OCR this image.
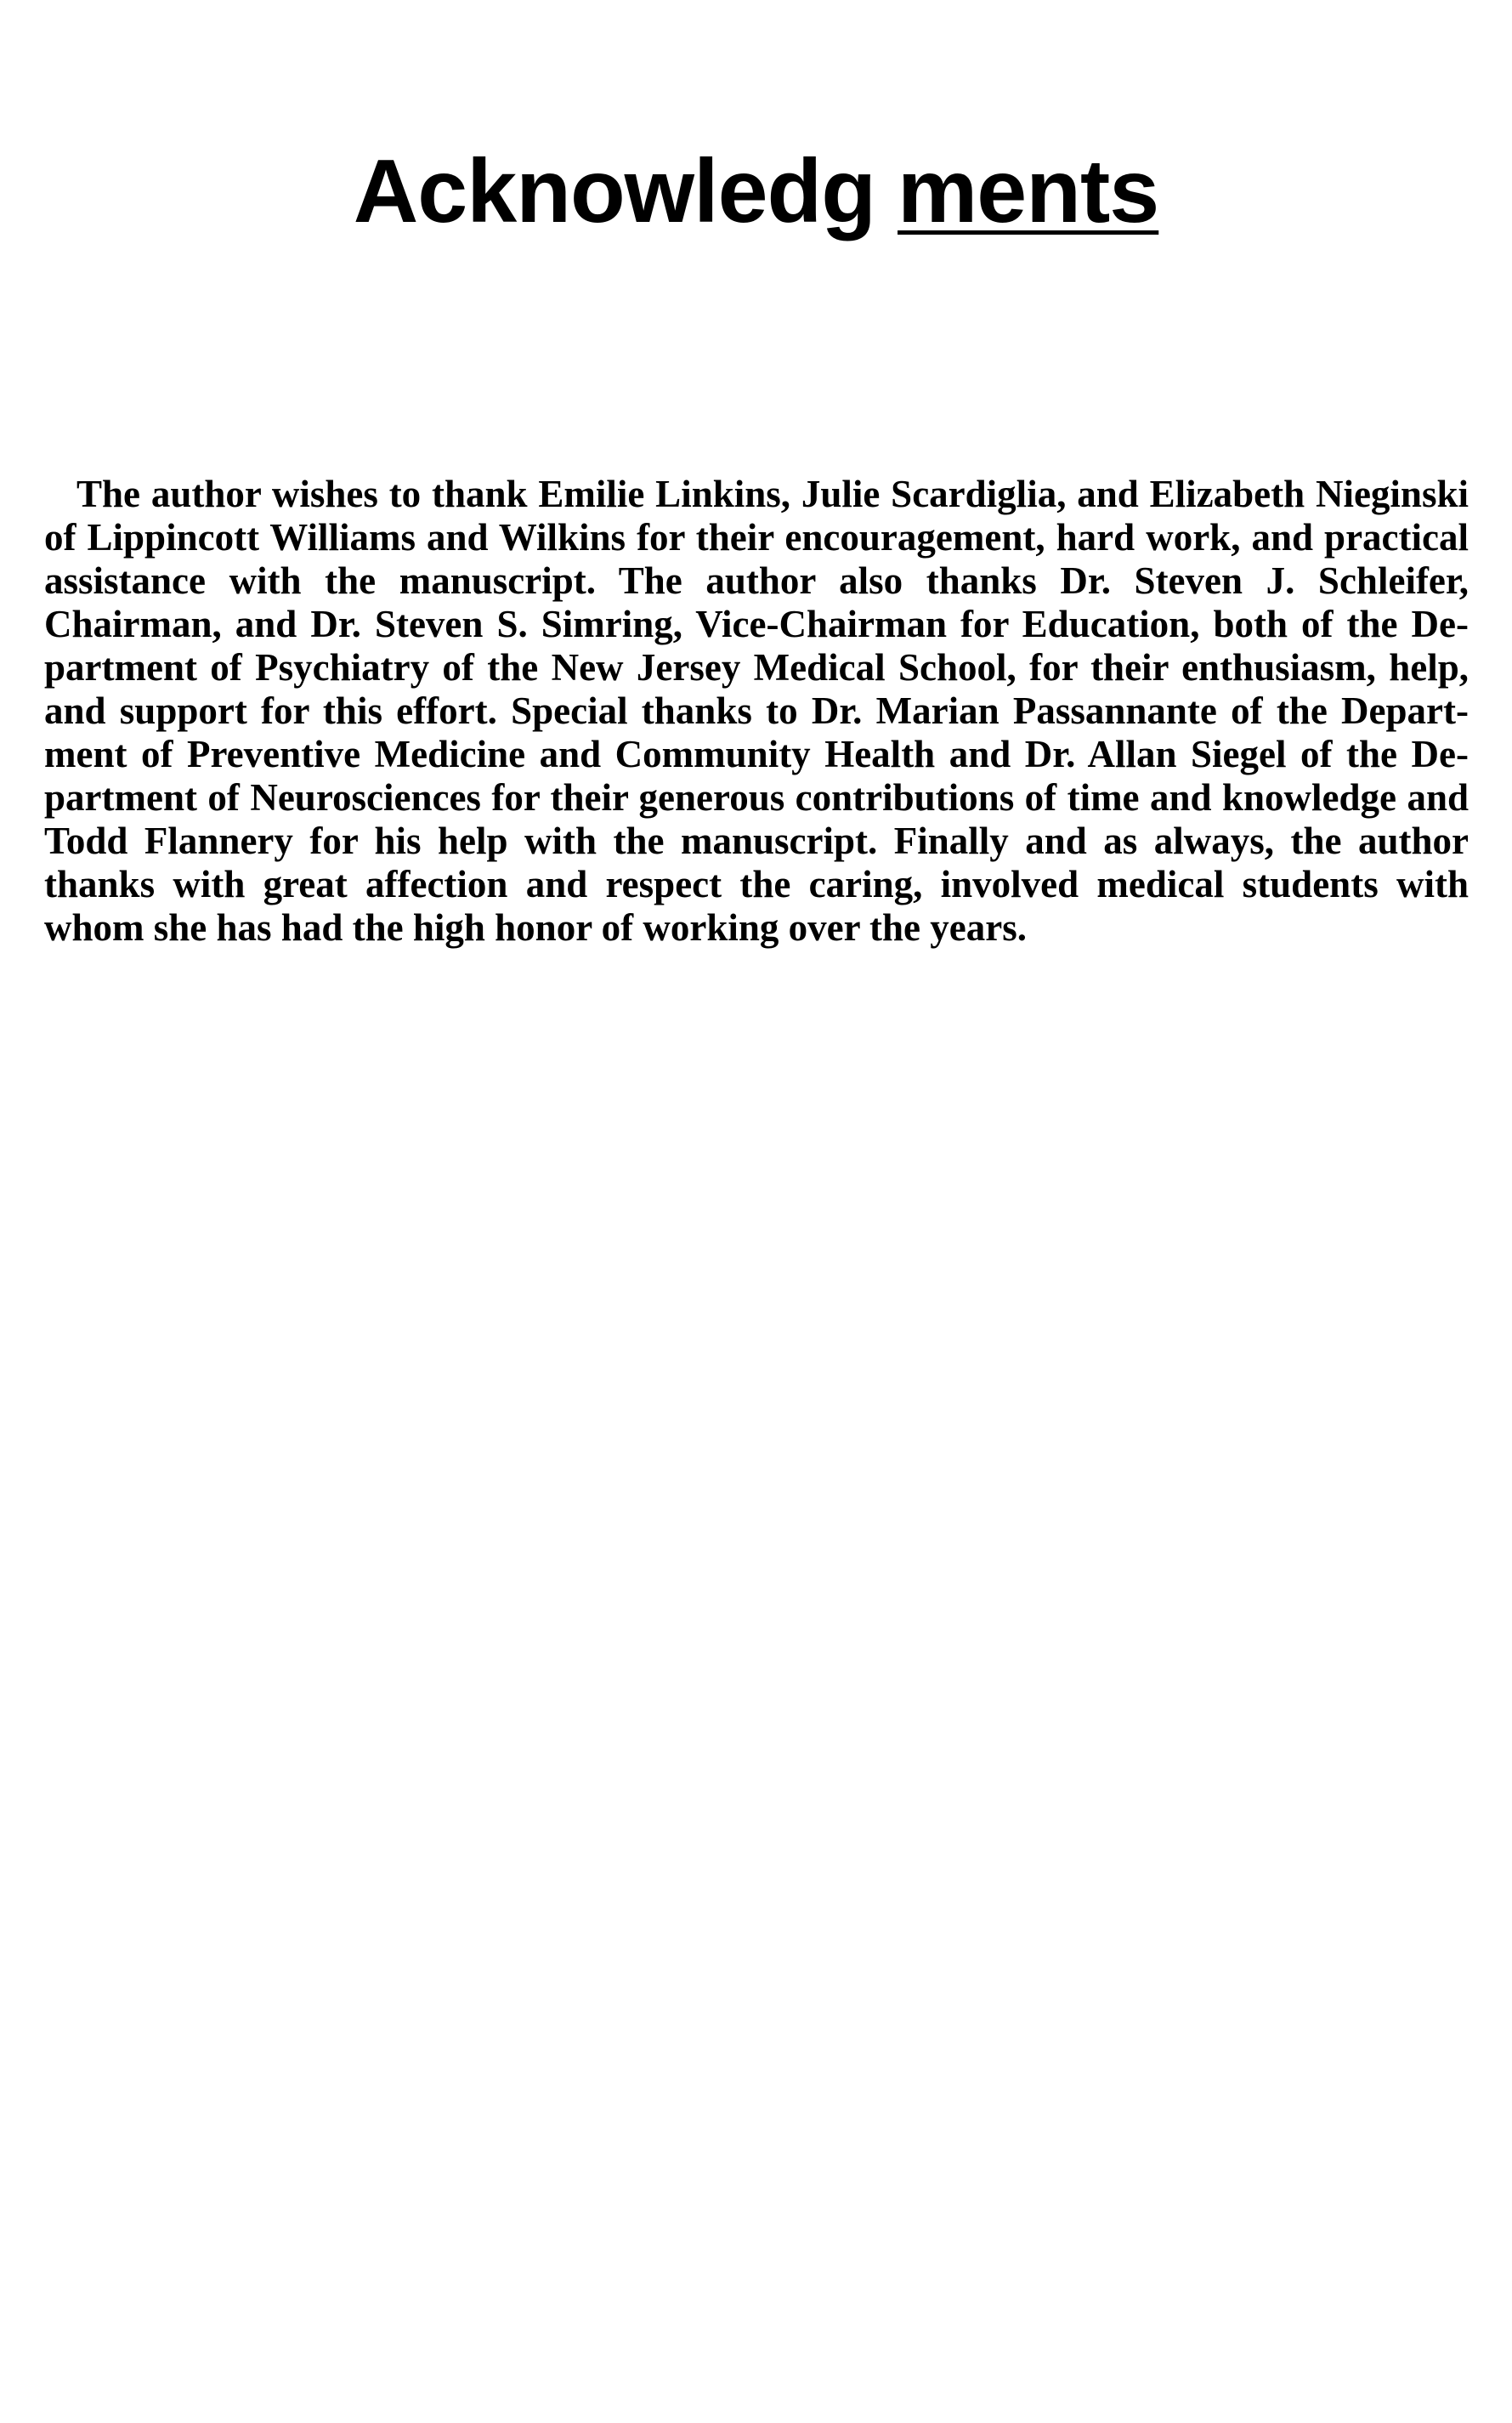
Acknowledg ments

The author wishes to thank Emilie Linkins, Julie Scardiglia, and Elizabeth Nieginski of Lippincott Williams and Wilkins for their encouragement, hard work, and practical assistance with the manuscript. The author also thanks Dr. Steven J. Schleifer, Chairman, and Dr. Steven S. Simring, Vice-Chairman for Education, both of the Department of Psychiatry of the New Jersey Medical School, for their enthusiasm, help, and support for this effort. Special thanks to Dr. Marian Passannante of the Department of Preventive Medicine and Community Health and Dr. Allan Siegel of the Department of Neurosciences for their generous contributions of time and knowledge and Todd Flannery for his help with the manuscript. Finally and as always, the author thanks with great affection and respect the caring, involved medical students with whom she has had the high honor of working over the years.
